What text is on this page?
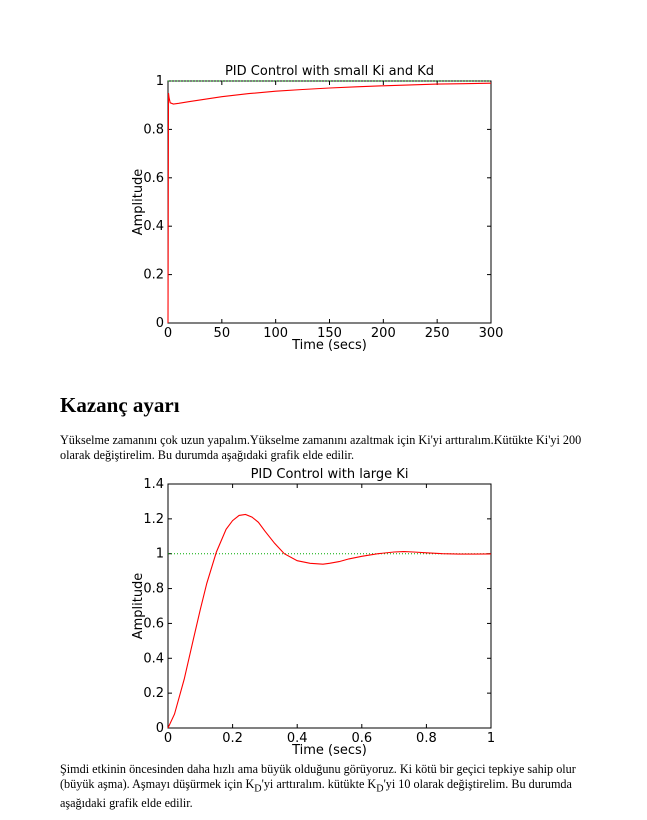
0	50	100 150 200 250 300
0
0.2
0.4
0.6
0.8
1
PID Control with small Ki and Kd
Time (secs)
Amplitude
Kazanç ayarı

Yükselme zamanını çok uzun yapalım.Yükselme zamanını azaltmak için Ki'yi arttıralım.Kütükte Ki'yi 200 olarak değiştirelim. Bu durumda aşağıdaki grafik elde edilir.

0	0.2	0.4	0.6	0.8	1
0
0.2
0.4
0.6
0.8
1
1.2
1.4
PID Control with large Ki
Time (secs)
Amplitude

Şimdi etkinin öncesinden daha hızlı ama büyük olduğunu görüyoruz. Ki kötü bir geçici tepkiye sahip olur (büyük aşma). Aşmayı düşürmek için $K_D'yi$ arttıralım. kütükte $K_D'yi$ 10 olarak değiştirelim. Bu durumda aşağıdaki grafik elde edilir.
